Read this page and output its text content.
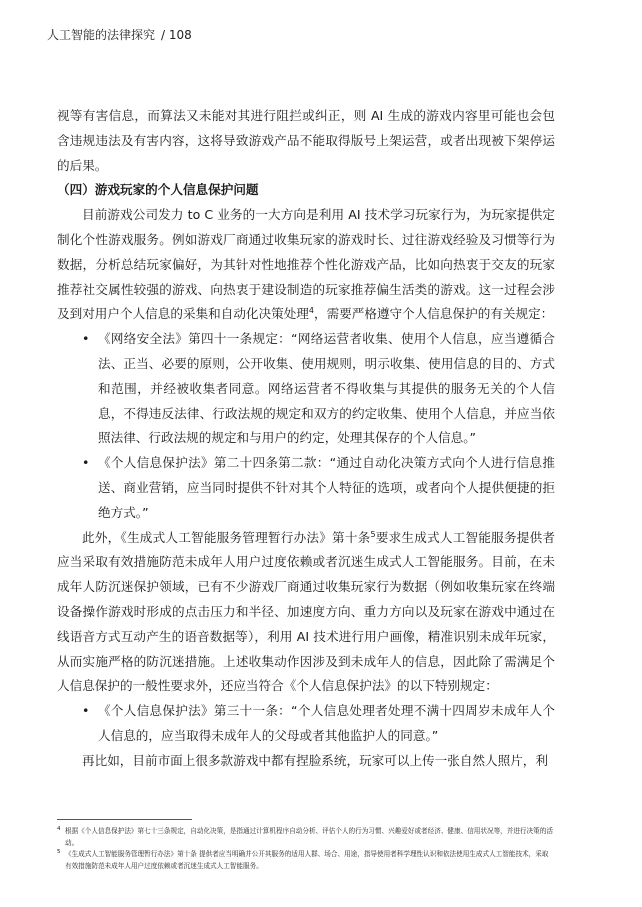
人工智能的法律探究 / 108

视等有害信息，而算法又未能对其进行阻拦或纠正，则 AI 生成的游戏内容里可能也会包含违规违法及有害内容，这将导致游戏产品不能取得版号上架运营，或者出现被下架停运的后果。

（四）游戏玩家的个人信息保护问题

目前游戏公司发力 to C 业务的一大方向是利用 AI 技术学习玩家行为，为玩家提供定制化个性游戏服务。例如游戏厂商通过收集玩家的游戏时长、过往游戏经验及习惯等行为数据，分析总结玩家偏好，为其针对性地推荐个性化游戏产品，比如向热衷于交友的玩家推荐社交属性较强的游戏、向热衷于建设制造的玩家推荐偏生活类的游戏。这一过程会涉及到对用户个人信息的采集和自动化决策处理$^4$，需要严格遵守个人信息保护的有关规定：

• 《网络安全法》第四十一条规定：“网络运营者收集、使用个人信息，应当遵循合法、正当、必要的原则，公开收集、使用规则，明示收集、使用信息的目的、方式和范围，并经被收集者同意。网络运营者不得收集与其提供的服务无关的个人信息，不得违反法律、行政法规的规定和双方的约定收集、使用个人信息，并应当依照法律、行政法规的规定和与用户的约定，处理其保存的个人信息。”
• 《个人信息保护法》第二十四条第二款：“通过自动化决策方式向个人进行信息推送、商业营销，应当同时提供不针对其个人特征的选项，或者向个人提供便捷的拒绝方式。”

此外，《生成式人工智能服务管理暂行办法》第十条$^5$要求生成式人工智能服务提供者应当采取有效措施防范未成年人用户过度依赖或者沉迷生成式人工智能服务。目前，在未成年人防沉迷保护领域，已有不少游戏厂商通过收集玩家行为数据（例如收集玩家在终端设备操作游戏时形成的点击压力和半径、加速度方向、重力方向以及玩家在游戏中通过在线语音方式互动产生的语音数据等），利用 AI 技术进行用户画像，精准识别未成年玩家，从而实施严格的防沉迷措施。上述收集动作因涉及到未成年人的信息，因此除了需满足个人信息保护的一般性要求外，还应当符合《个人信息保护法》的以下特别规定：

• 《个人信息保护法》第三十一条：“个人信息处理者处理不满十四周岁未成年人个人信息的，应当取得未成年人的父母或者其他监护人的同意。”

再比如，目前市面上很多款游戏中都有捏脸系统，玩家可以上传一张自然人照片，利

4 根据《个人信息保护法》第七十三条规定，自动化决策，是指通过计算机程序自动分析、评估个人的行为习惯、兴趣爱好或者经济、健康、信用状况等，并进行决策的活动。
5 《生成式人工智能服务管理暂行办法》第十条 提供者应当明确并公开其服务的适用人群、场合、用途，指导使用者科学理性认识和依法使用生成式人工智能技术，采取有效措施防范未成年人用户过度依赖或者沉迷生成式人工智能服务。
